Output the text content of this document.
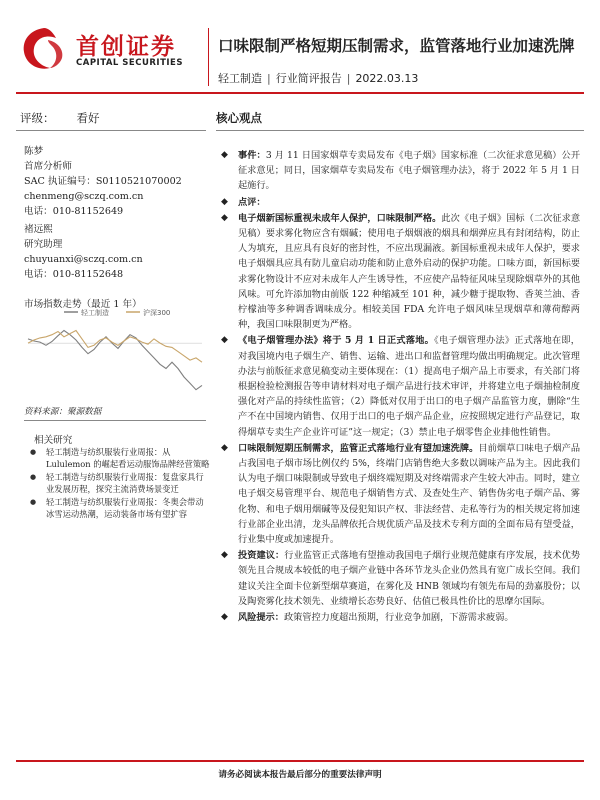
首创证券
CAPITAL SECURITIES
口味限制严格短期压制需求，监管落地行业加速洗牌
轻工制造 | 行业简评报告 | 2022.03.13
评级： 看好	核心观点
陈梦
首席分析师
SAC 执证编号：S0110521070002
chenmeng@sczq.com.cn
电话：010-81152649
褚远熙
研究助理
chuyuanxi@sczq.com.cn
电话：010-81152648
市场指数走势（最近 1 年）
轻工制造	沪深300
资料来源：聚源数据
相关研究
● 轻工制造与纺织服装行业周报：从 Lululemon 的崛起看运动服饰品牌经营策略
● 轻工制造与纺织服装行业周报：复盘家具行业发展历程，探究主流消费场景变迁
● 轻工制造与纺织服装行业周报：冬奥会带动冰雪运动热潮，运动装备市场有望扩容
◆ 事件：3 月 11 日国家烟草专卖局发布《电子烟》国家标准（二次征求意见稿）公开征求意见；同日，国家烟草专卖局发布《电子烟管理办法》，将于 2022 年 5 月 1 日起施行。
◆ 点评：
◆ 电子烟新国标重视未成年人保护，口味限制严格。此次《电子烟》国标（二次征求意见稿）要求雾化物应含有烟碱；使用电子烟烟液的烟具和烟弹应具有封闭结构，防止人为填充，且应具有良好的密封性，不应出现漏液。新国标重视未成年人保护，要求电子烟烟具应具有防儿童启动功能和防止意外启动的保护功能。口味方面，新国标要求雾化物设计不应对未成年人产生诱导性，不应使产品特征风味呈现除烟草外的其他风味。可允许添加物由前版 122 种缩减至 101 种，减少糖于提取物、香荚兰油、香柠檬油等多种调香调味成分。相较美国 FDA 允许电子烟风味呈现烟草和薄荷醇两种，我国口味限制更为严格。
◆ 《电子烟管理办法》将于 5 月 1 日正式落地。《电子烟管理办法》正式落地在即，对我国境内电子烟生产、销售、运输、进出口和监督管理均做出明确规定。此次管理办法与前版征求意见稿变动主要体现在：（1）提高电子烟产品上市要求，有关部门将根据检验检测报告等申请材料对电子烟产品进行技术审评，并将建立电子烟抽检制度强化对产品的持续性监管；（2）降低对仅用于出口的电子烟产品监管力度，删除“生产不在中国境内销售、仅用于出口的电子烟产品企业，应按照规定进行产品登记，取得烟草专卖生产企业许可证”这一规定；（3）禁止电子烟零售企业排他性销售。
◆ 口味限制短期压制需求，监管正式落地行业有望加速洗牌。目前烟草口味电子烟产品占我国电子烟市场比例仅约 5%，终端门店销售绝大多数以调味产品为主。因此我们认为电子烟口味限制或导致电子烟终端短期及对终端需求产生较大冲击。同时，建立电子烟交易管理平台、规范电子烟销售方式、及查处生产、销售伪劣电子烟产品、雾化物、和电子烟用烟碱等及侵犯知识产权、非法经营、走私等行为的相关规定将加速行业部企业出清，龙头品牌依托合规优质产品及技术专利方面的全面布局有望受益，行业集中度或加速提升。
◆ 投资建议：行业监管正式落地有望推动我国电子烟行业规范健康有序发展，技术优势领先且合规成本较低的电子烟产业链中各环节龙头企业仍然具有宽广成长空间。我们建议关注全面卡位新型烟草赛道，在雾化及 HNB 领域均有领先布局的劲嘉股份；以及陶瓷雾化技术领先、业绩增长态势良好、估值已极具性价比的思摩尔国际。
◆ 风险提示：政策管控力度超出预期，行业竞争加剧，下游需求疲弱。
请务必阅读本报告最后部分的重要法律声明
